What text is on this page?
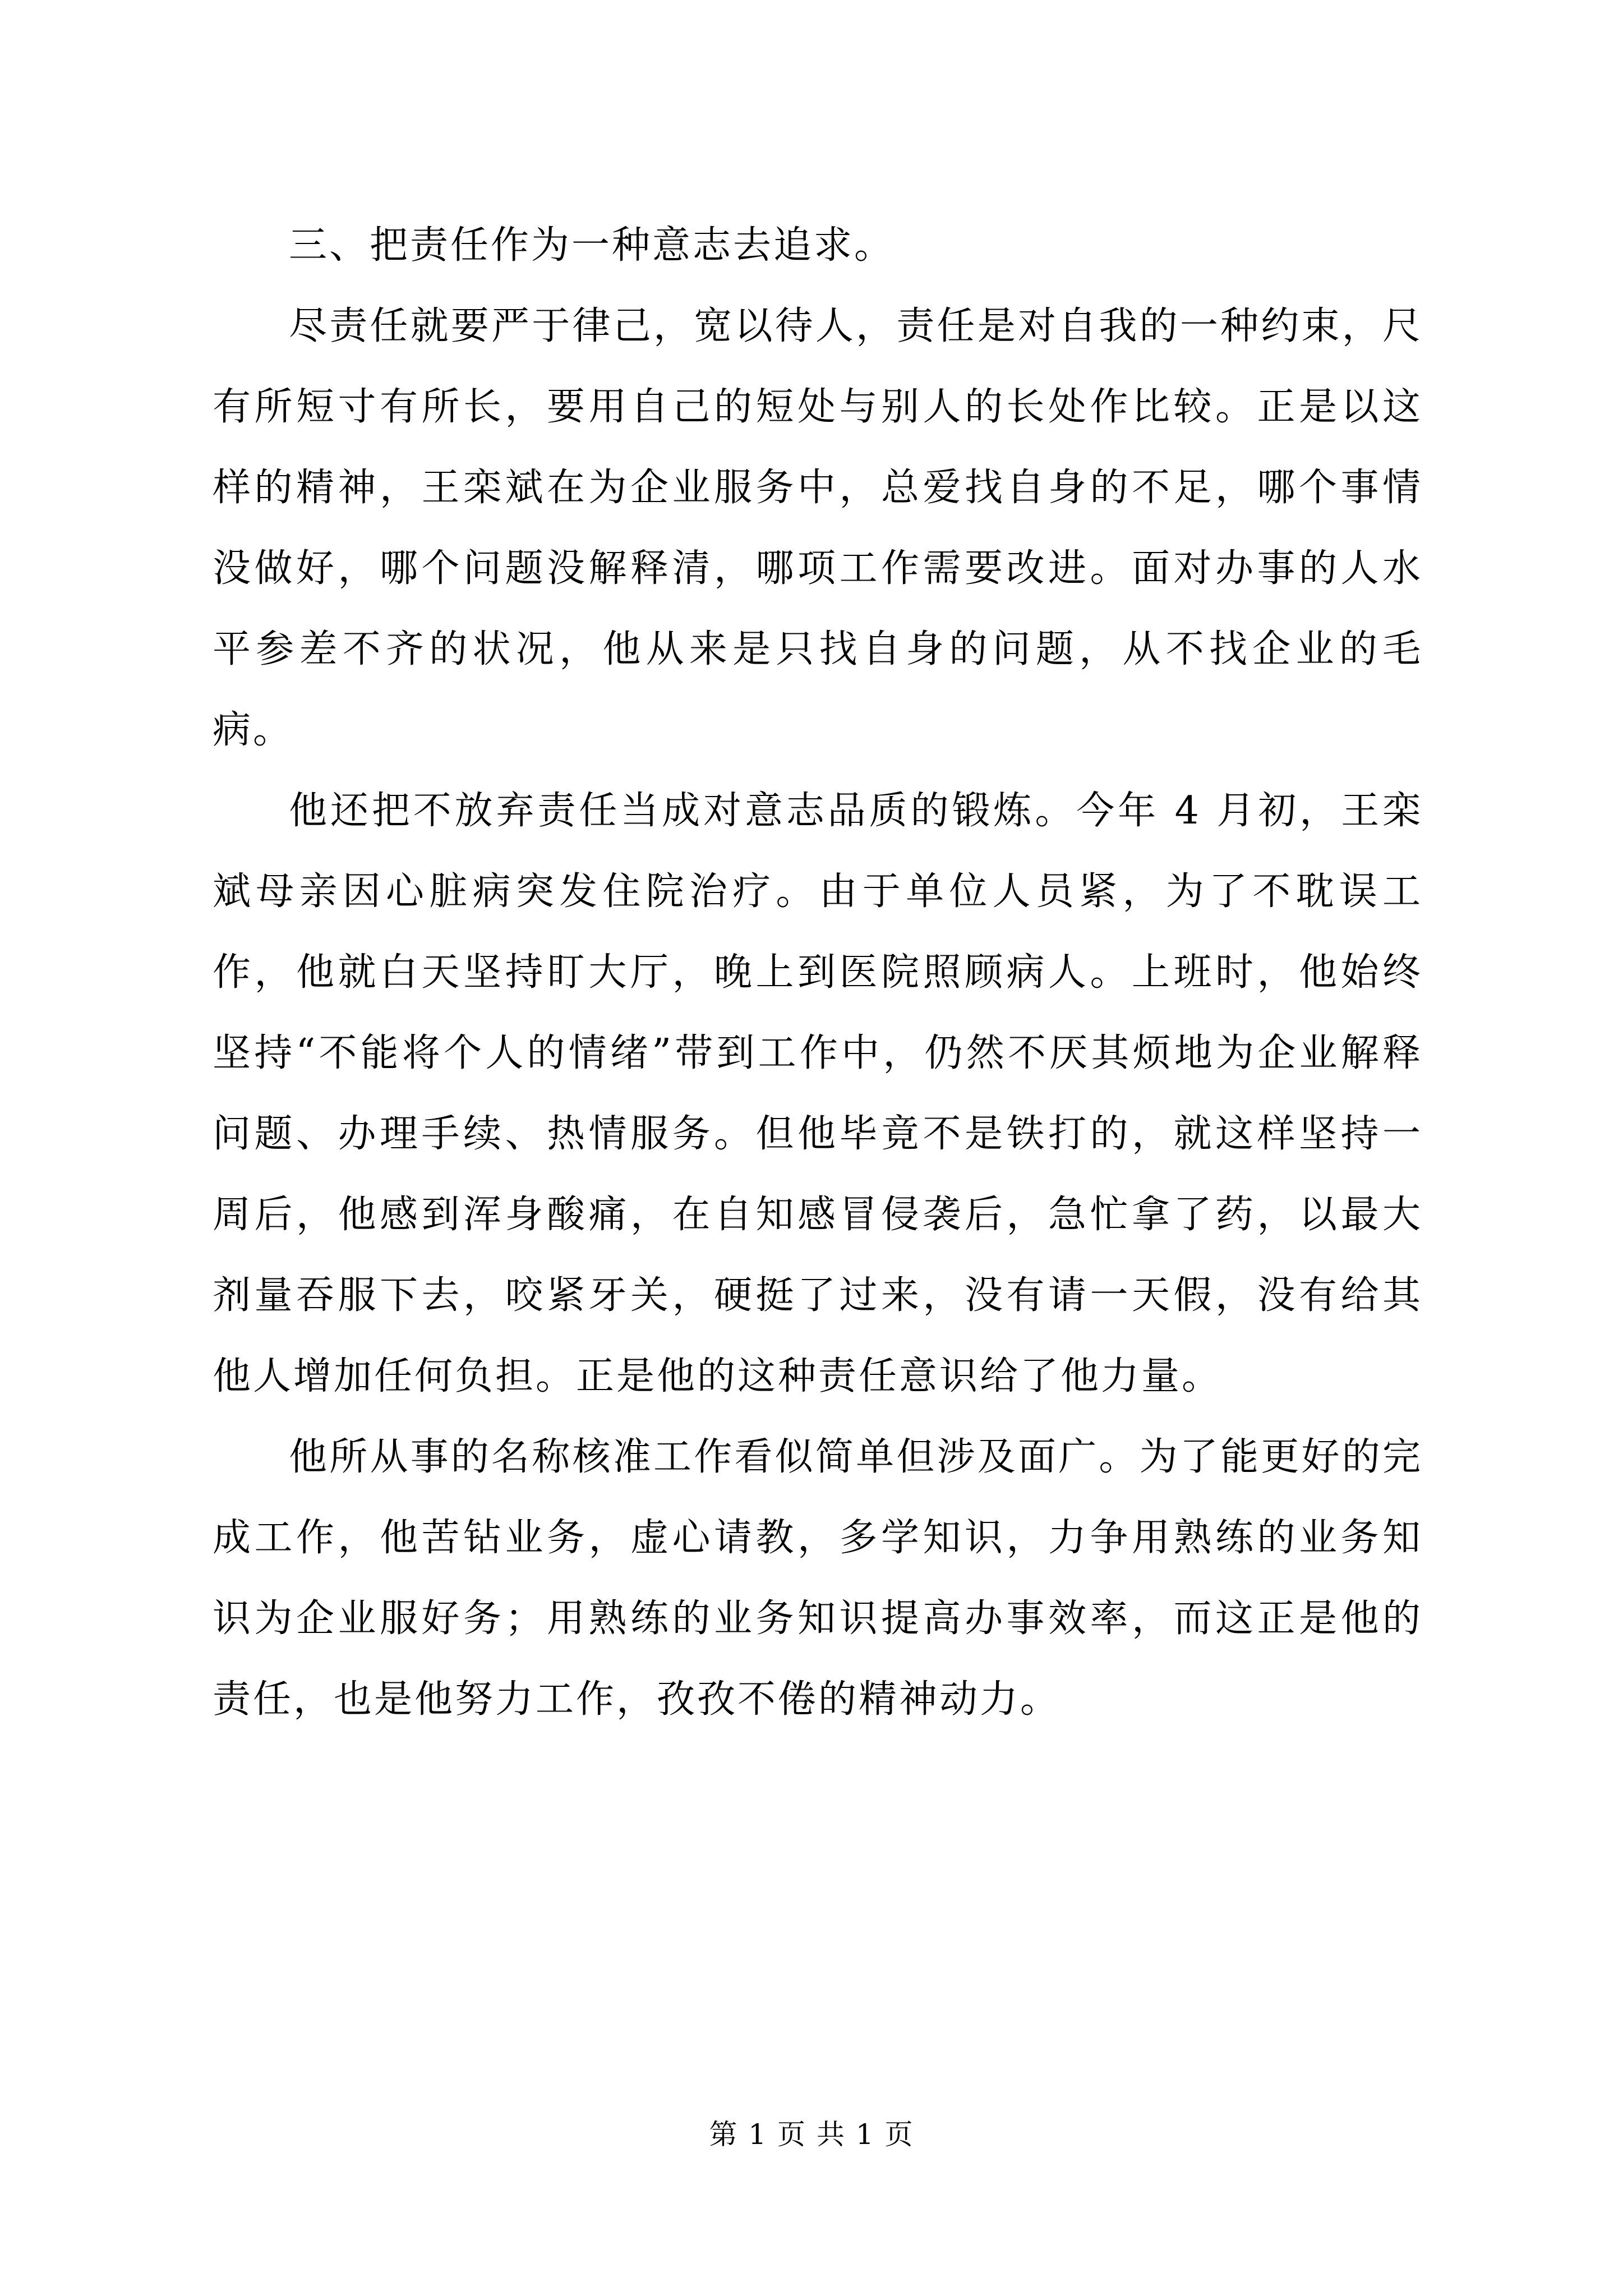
三、把责任作为一种意志去追求。

尽责任就要严于律己，宽以待人，责任是对自我的一种约束，尺有所短寸有所长，要用自己的短处与别人的长处作比较。正是以这样的精神，王栾斌在为企业服务中，总爱找自身的不足，哪个事情没做好，哪个问题没解释清，哪项工作需要改进。面对办事的人水平参差不齐的状况，他从来是只找自身的问题，从不找企业的毛病。

他还把不放弃责任当成对意志品质的锻炼。今年 4 月初，王栾斌母亲因心脏病突发住院治疗。由于单位人员紧，为了不耽误工作，他就白天坚持盯大厅，晚上到医院照顾病人。上班时，他始终坚持“不能将个人的情绪”带到工作中，仍然不厌其烦地为企业解释问题、办理手续、热情服务。但他毕竟不是铁打的，就这样坚持一周后，他感到浑身酸痛，在自知感冒侵袭后，急忙拿了药，以最大剂量吞服下去，咬紧牙关，硬挺了过来，没有请一天假，没有给其他人增加任何负担。正是他的这种责任意识给了他力量。

他所从事的名称核准工作看似简单但涉及面广。为了能更好的完成工作，他苦钻业务，虚心请教，多学知识，力争用熟练的业务知识为企业服好务；用熟练的业务知识提高办事效率，而这正是他的责任，也是他努力工作，孜孜不倦的精神动力。

第 1 页 共 1 页
